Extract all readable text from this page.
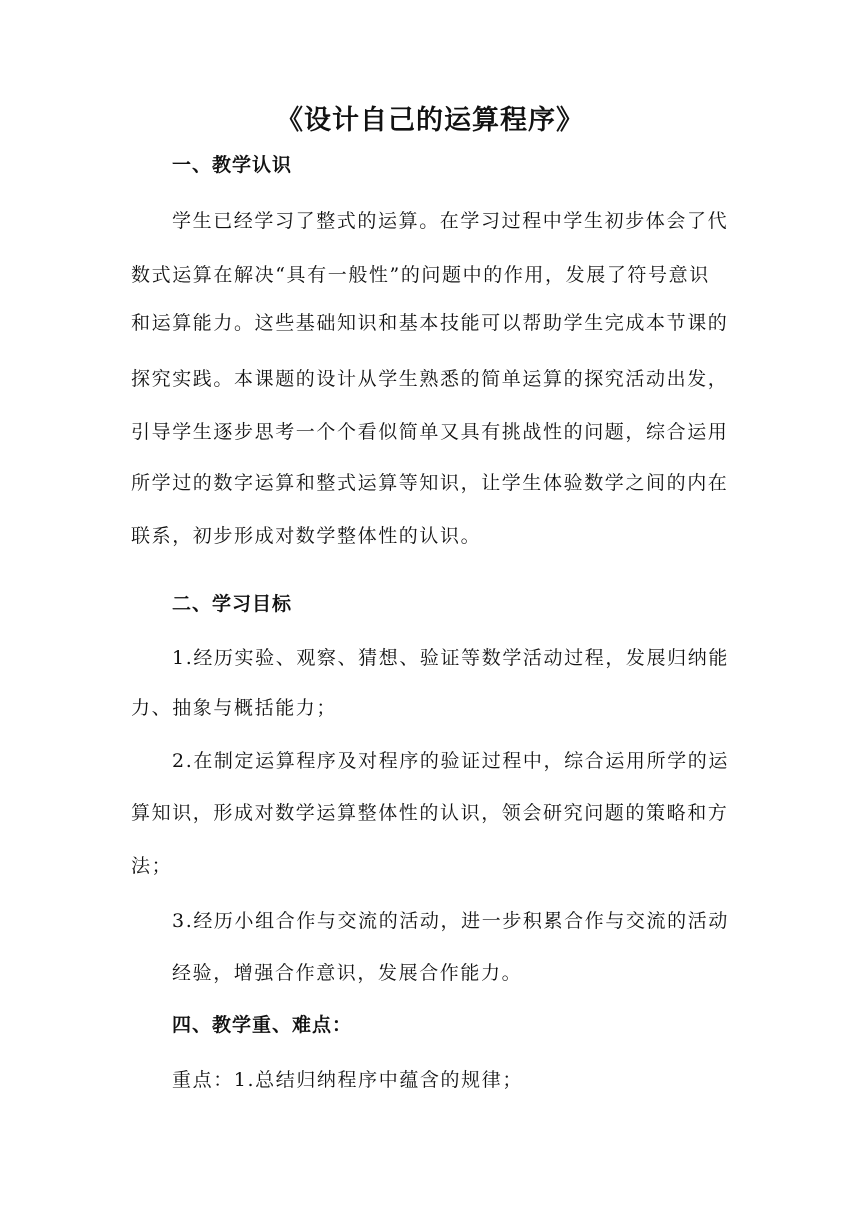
《设计自己的运算程序》
一、教学认识
学生已经学习了整式的运算。在学习过程中学生初步体会了代
数式运算在解决“具有一般性”的问题中的作用，发展了符号意识
和运算能力。这些基础知识和基本技能可以帮助学生完成本节课的
探究实践。本课题的设计从学生熟悉的简单运算的探究活动出发，
引导学生逐步思考一个个看似简单又具有挑战性的问题，综合运用
所学过的数字运算和整式运算等知识，让学生体验数学之间的内在
联系，初步形成对数学整体性的认识。
二、学习目标
1.经历实验、观察、猜想、验证等数学活动过程，发展归纳能
力、抽象与概括能力；
2.在制定运算程序及对程序的验证过程中，综合运用所学的运
算知识，形成对数学运算整体性的认识，领会研究问题的策略和方
法；
3.经历小组合作与交流的活动，进一步积累合作与交流的活动
经验，增强合作意识，发展合作能力。
四、教学重、难点：
重点：1.总结归纳程序中蕴含的规律；
